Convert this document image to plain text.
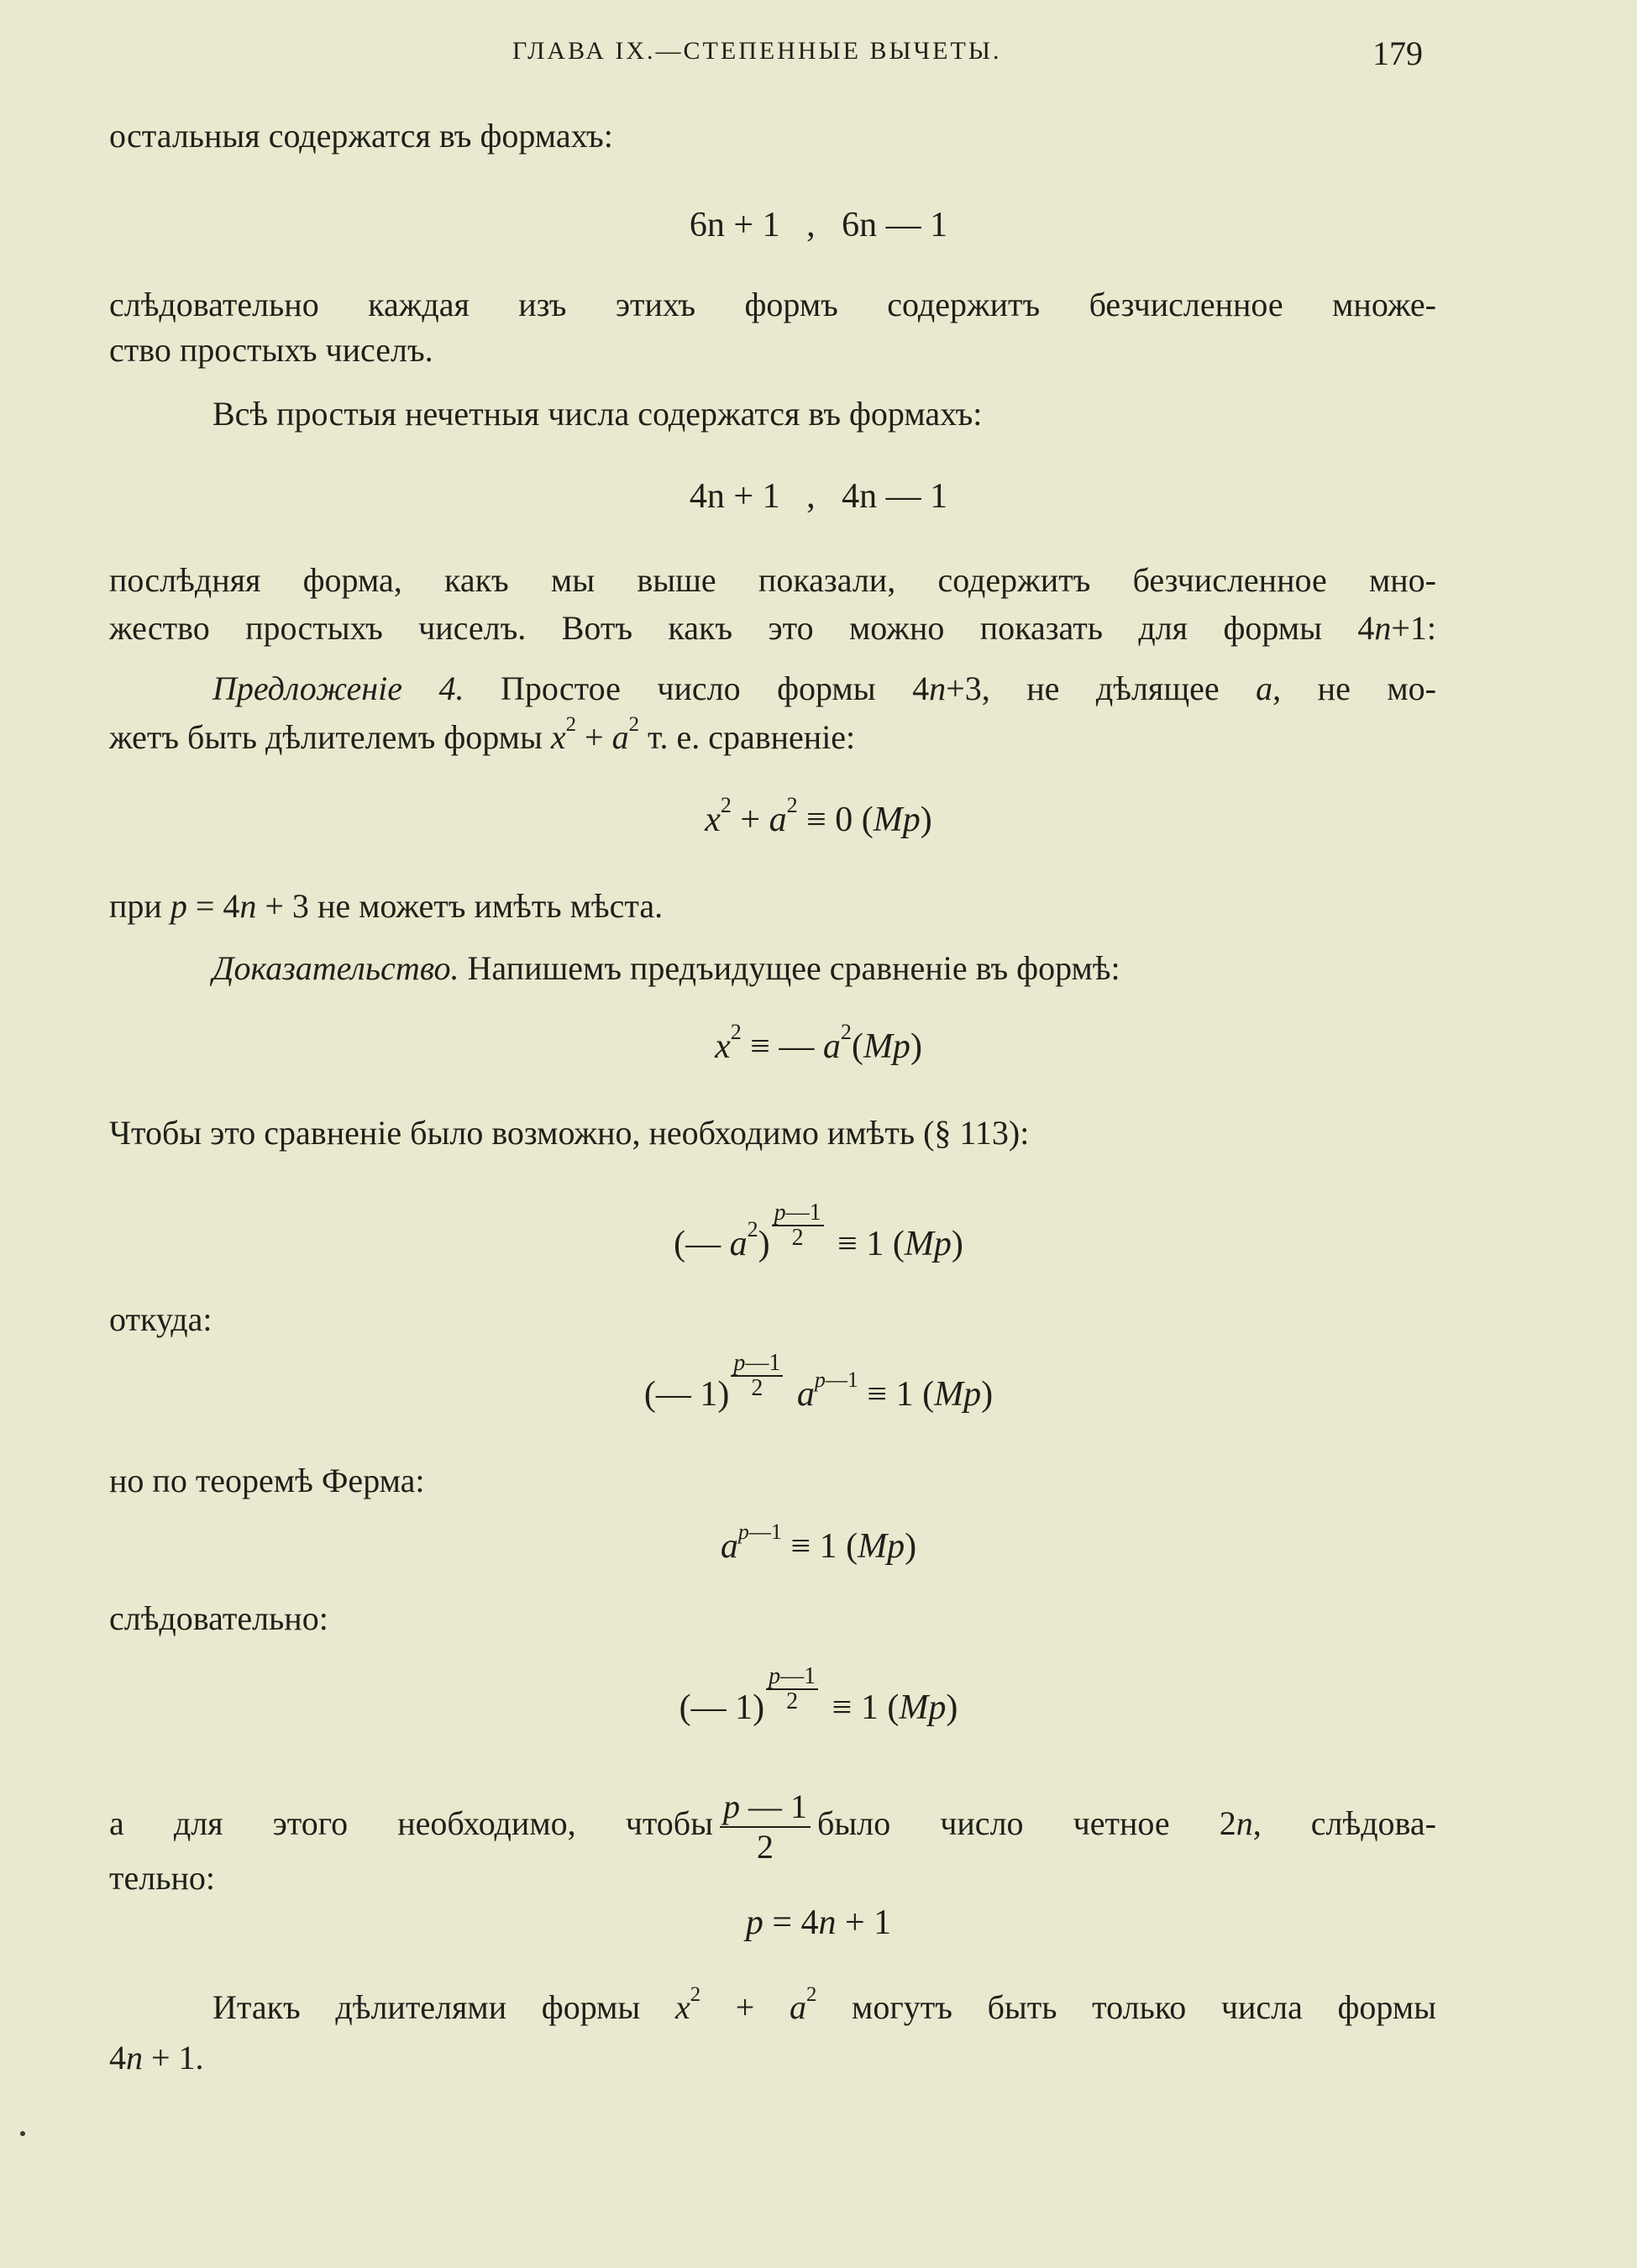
ГЛАВА IX.—СТЕПЕННЫЕ ВЫЧЕТЫ.	179
остальныя содержатся въ формахъ:
6n + 1   ,   6n — 1
слѣдовательно каждая изъ этихъ формъ содержитъ безчисленное множе-
ство простыхъ чиселъ.
Всѣ простыя нечетныя числа содержатся въ формахъ:
4n + 1   ,   4n — 1
послѣдняя форма, какъ мы выше показали, содержитъ безчисленное мно-
жество простыхъ чиселъ. Вотъ какъ это можно показать для формы 4n+1:
Предложенiе 4. Простое число формы 4n+3, не дѣлящее a, не мо-
жетъ быть дѣлителемъ формы $x^2 + a^2$ т. е. сравненiе:
$x^2 + a^2 \equiv 0$ (Mp)
при p = 4n + 3 не можетъ имѣть мѣста.
Доказательство. Напишемъ предъидущее сравненiе въ формѣ:
$x^2$ ≡ — $a^2(Mp)$
Чтобы это сравненiе было возможно, необходимо имѣть (§ 113):
(— $a^2) \frac{p—1}{2} \equiv 1$ (Mp)
откуда:
(— $1) \frac{p—1}{2} a^{p—1} \equiv 1$ (Mp)
но по теоремѣ Ферма:
$a^{p—1} \equiv 1$ (Mp)
слѣдовательно:
(— $1) \frac{p—1}{2} \equiv 1$ (Mp)
а для этого необходимо, чтобы $\frac{p — 1}{2}$ было число четное 2n, слѣдова-
тельно:
p = 4n + 1
Итакъ дѣлителями формы $x^2 + a^2$ могутъ быть только числа формы
4n + 1.
